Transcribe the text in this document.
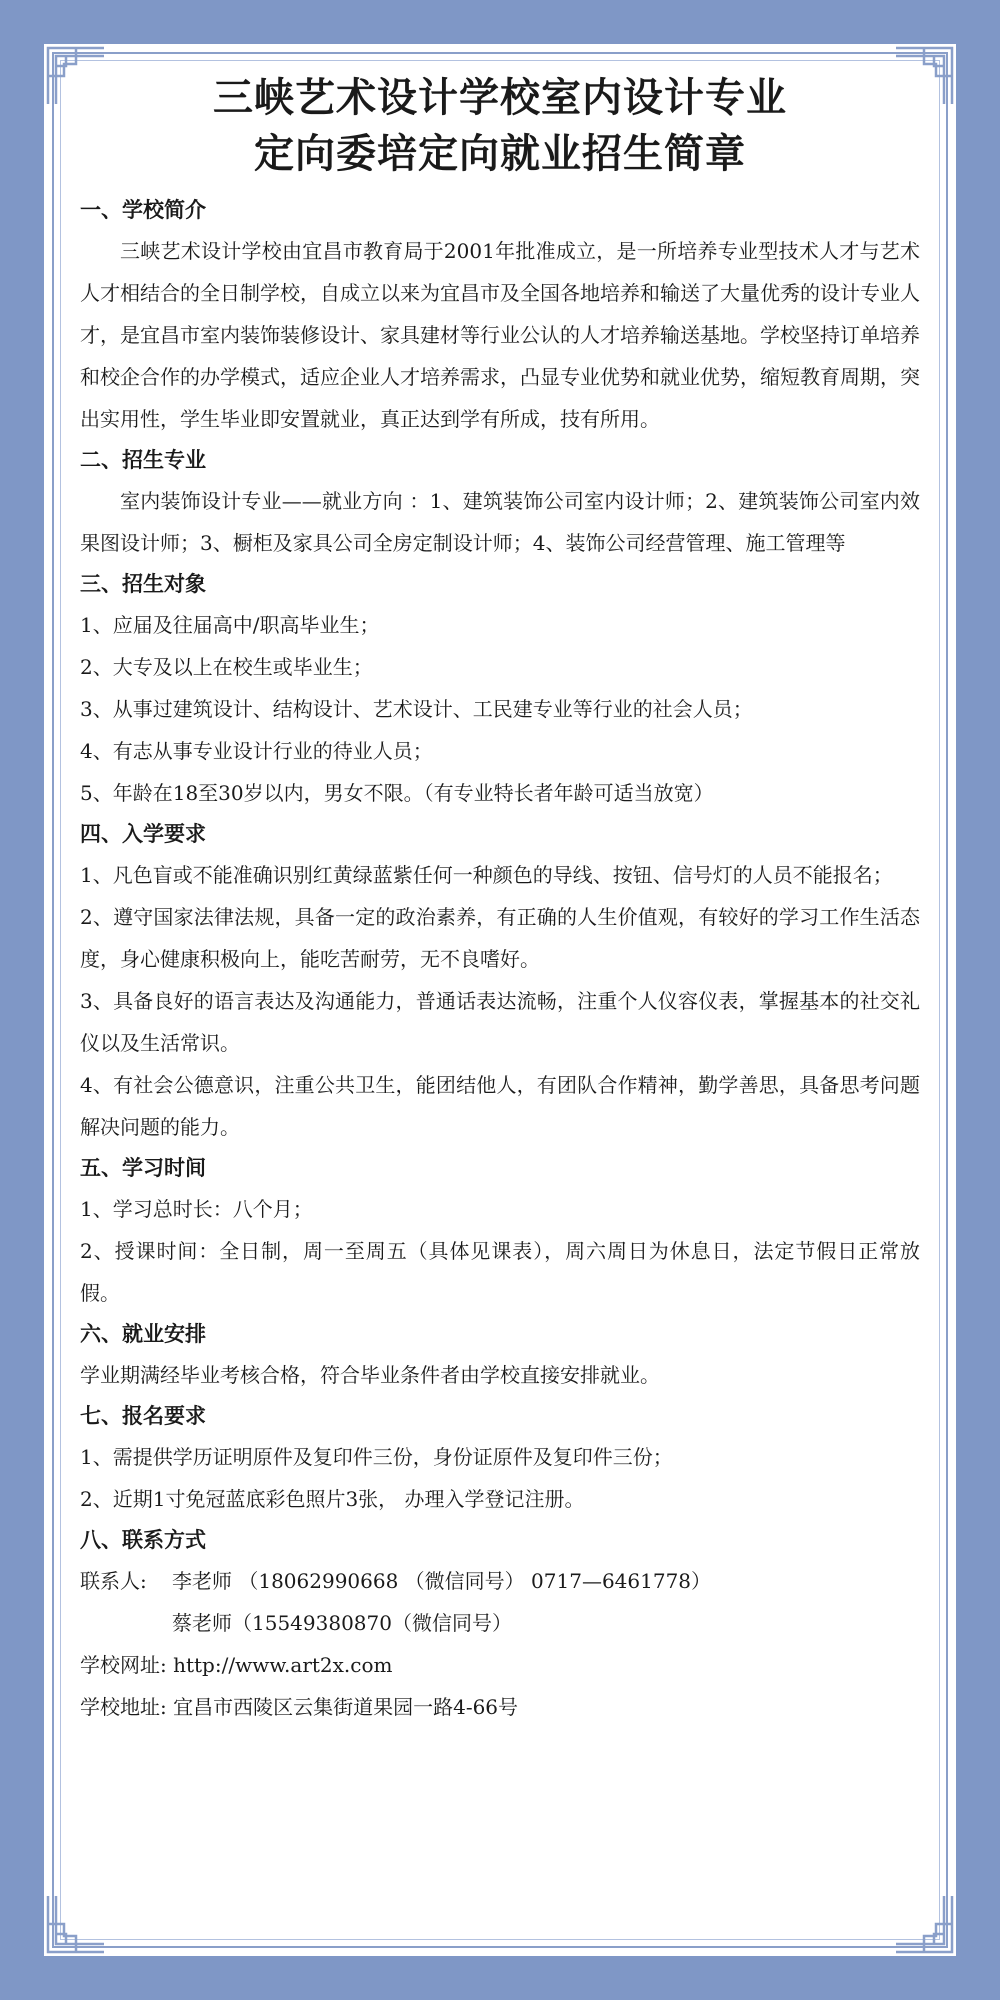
三峡艺术设计学校室内设计专业
定向委培定向就业招生简章
一、学校简介

三峡艺术设计学校由宜昌市教育局于2001年批准成立，是一所培养专业型技术人才与艺术人才相结合的全日制学校，自成立以来为宜昌市及全国各地培养和输送了大量优秀的设计专业人才，是宜昌市室内装饰装修设计、家具建材等行业公认的人才培养输送基地。学校坚持订单培养和校企合作的办学模式，适应企业人才培养需求，凸显专业优势和就业优势，缩短教育周期，突出实用性，学生毕业即安置就业，真正达到学有所成，技有所用。

二、招生专业

室内装饰设计专业——就业方向 ：1、建筑装饰公司室内设计师；2、建筑装饰公司室内效果图设计师；3、橱柜及家具公司全房定制设计师；4、装饰公司经营管理、施工管理等

三、招生对象

1、应届及往届高中/职高毕业生；

2、大专及以上在校生或毕业生；

3、从事过建筑设计、结构设计、艺术设计、工民建专业等行业的社会人员；

4、有志从事专业设计行业的待业人员；

5、年龄在18至30岁以内，男女不限。（有专业特长者年龄可适当放宽）

四、入学要求

1、凡色盲或不能准确识别红黄绿蓝紫任何一种颜色的导线、按钮、信号灯的人员不能报名；

2、遵守国家法律法规，具备一定的政治素养，有正确的人生价值观，有较好的学习工作生活态度，身心健康积极向上，能吃苦耐劳，无不良嗜好。

3、具备良好的语言表达及沟通能力，普通话表达流畅，注重个人仪容仪表，掌握基本的社交礼仪以及生活常识。

4、有社会公德意识，注重公共卫生，能团结他人，有团队合作精神，勤学善思，具备思考问题解决问题的能力。

五、学习时间

1、学习总时长：八个月；

2、授课时间：全日制，周一至周五（具体见课表），周六周日为休息日，法定节假日正常放假。

六、就业安排

学业期满经毕业考核合格，符合毕业条件者由学校直接安排就业。

七、报名要求

1、需提供学历证明原件及复印件三份，身份证原件及复印件三份；

2、近期1寸免冠蓝底彩色照片3张， 办理入学登记注册。

八、联系方式
联系人:	李老师 （18062990668 （微信同号） 0717—6461778）
蔡老师（15549380870（微信同号）

学校网址: http://www.art2x.com

学校地址: 宜昌市西陵区云集街道果园一路4-66号
